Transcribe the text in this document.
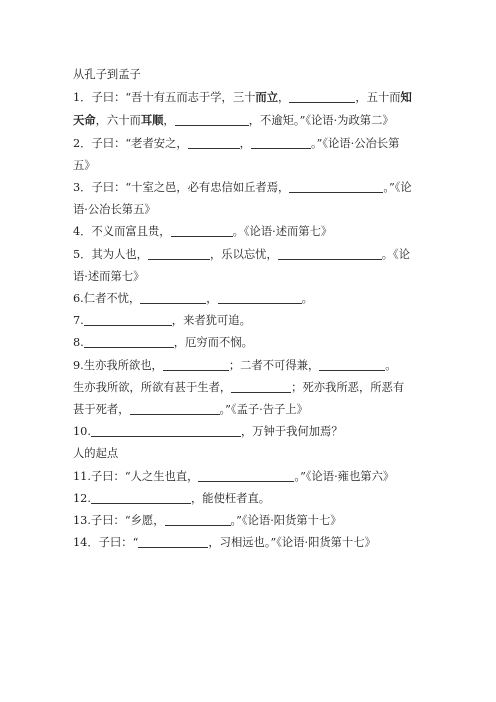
从孔子到孟子
1．子曰：“吾十有五而志于学，三十而立，	，五十而知
天命，六十而耳顺，	，不逾矩。”《论语·为政第二》
2．子曰：“老者安之，	，	。”《论语·公冶长第
五》
3．子曰：“十室之邑，必有忠信如丘者焉，	。”《论
语·公冶长第五》
4．不义而富且贵，	。《论语·述而第七》
5．其为人也，	，乐以忘忧，	。《论
语·述而第七》
6.仁者不忧，	，	。
7.	，来者犹可追。
8.	，厄穷而不悯。
9.生亦我所欲也，	；二者不可得兼，	。
生亦我所欲，所欲有甚于生者，	；死亦我所恶，所恶有
甚于死者，	。”《孟子·告子上》
10.	，万钟于我何加焉？
人的起点
11.子曰：“人之生也直，	。”《论语·雍也第六》
12.	，能使枉者直。
13.子曰：“乡愿，	。”《论语·阳货第十七》
14．子曰：“	，习相远也。”《论语·阳货第十七》
